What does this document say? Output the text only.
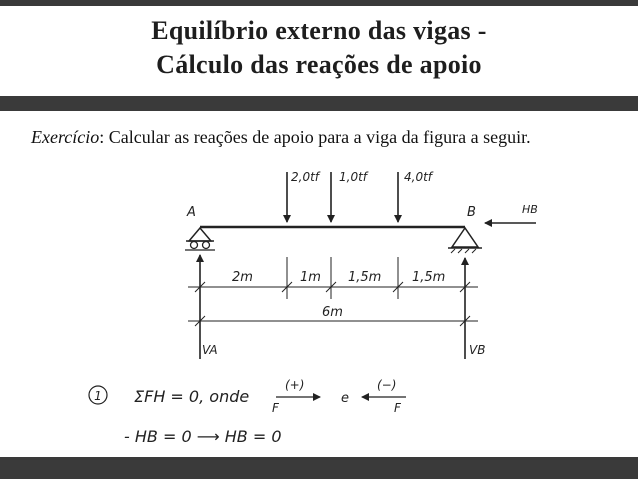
Equilíbrio externo das vigas -
Cálculo das reações de apoio
Exercício: Calcular as reações de apoio para a viga da figura a seguir.
2,0tf 1,0tf	4,0tf
A	B	HB
VA	VB
2m	1m 1,5m 1,5m
6m
1 ΣFH = 0, onde
(+)
F
e
(−)
F
- HB = 0 ⟶ HB = 0
